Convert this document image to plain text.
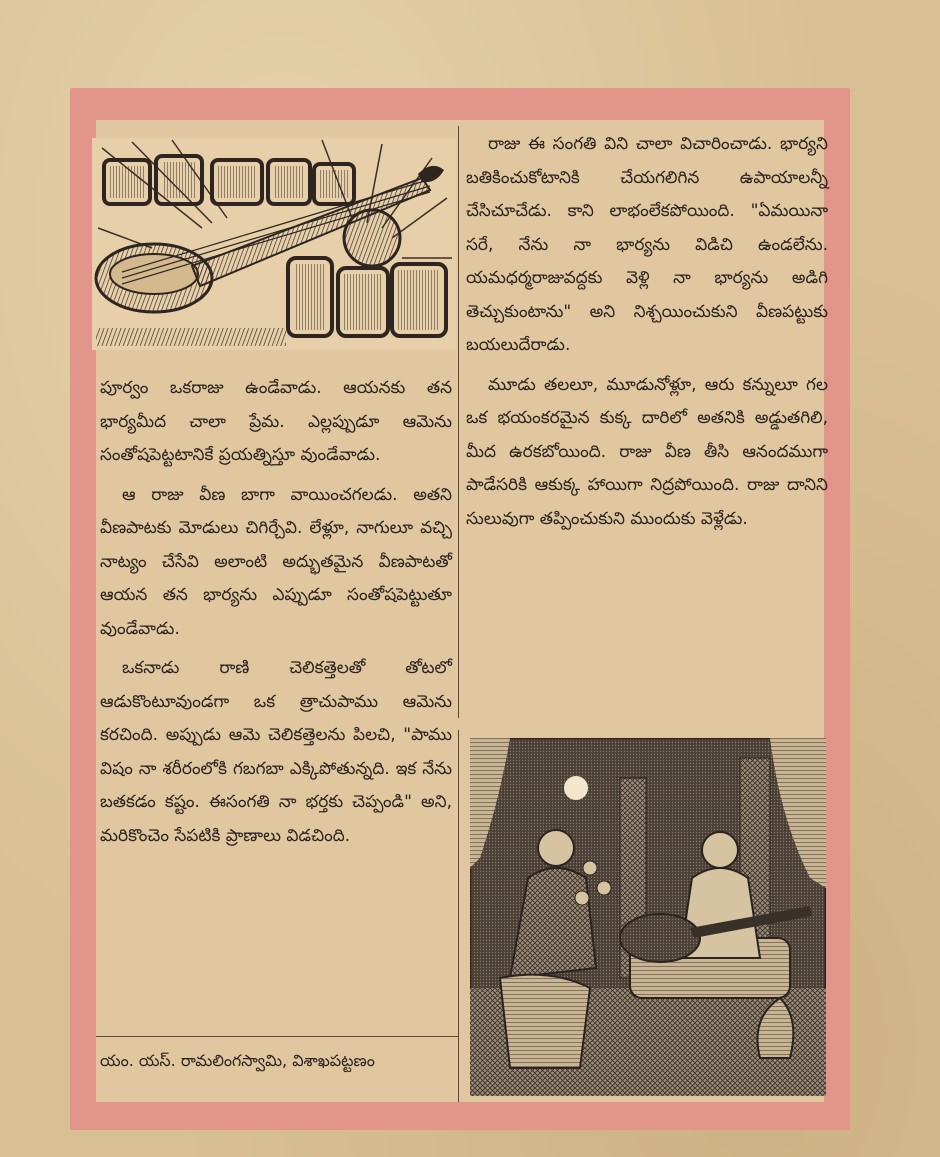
పూర్వం ఒకరాజు ఉండేవాడు. ఆయనకు తన భార్యమీద చాలా ప్రేమ. ఎల్లప్పుడూ ఆమెను సంతోషపెట్టటానికే ప్రయత్నిస్తూ వుండేవాడు.

ఆ రాజు వీణ బాగా వాయించగలడు. అతని వీణపాటకు మోడులు చిగిర్చేవి. లేళ్లూ, నాగులూ వచ్చి నాట్యం చేసేవి అలాంటి అద్భుతమైన వీణపాటతో ఆయన తన భార్యను ఎప్పుడూ సంతోషపెట్టుతూ వుండేవాడు.

ఒకనాడు రాణి చెలికత్తెలతో తోటలో ఆడుకొంటూవుండగా ఒక త్రాచుపాము ఆమెను కరచింది. అప్పుడు ఆమె చెలికత్తెలను పిలచి, "పాము విషం నా శరీరంలోకి గబగబా ఎక్కిపోతున్నది. ఇక నేను బతకడం కష్టం. ఈసంగతి నా భర్తకు చెప్పండి" అని, మరికొంచెం సేపటికి ప్రాణాలు విడచింది.

రాజు ఈ సంగతి విని చాలా విచారించాడు. భార్యని బతికించుకోటానికి చేయగలిగిన ఉపాయాలన్నీ చేసిచూచేడు. కాని లాభంలేకపోయింది. "ఏమయినా సరే, నేను నా భార్యను విడిచి ఉండలేను. యమధర్మరాజువద్దకు వెళ్లి నా భార్యను అడిగి తెచ్చుకుంటాను" అని నిశ్చయించుకుని వీణపట్టుకు బయలుదేరాడు.

మూడు తలలూ, మూడునోళ్లూ, ఆరు కన్నులూ గల ఒక భయంకరమైన కుక్క దారిలో అతనికి అడ్డుతగిలి, మీద ఉరకబోయింది. రాజు వీణ తీసి ఆనందముగా పాడేసరికి ఆకుక్క హాయిగా నిద్రపోయింది. రాజు దానిని సులువుగా తప్పించుకుని ముందుకు వెళ్లేడు.

యం. యస్. రామలింగస్వామి, విశాఖపట్టణం
